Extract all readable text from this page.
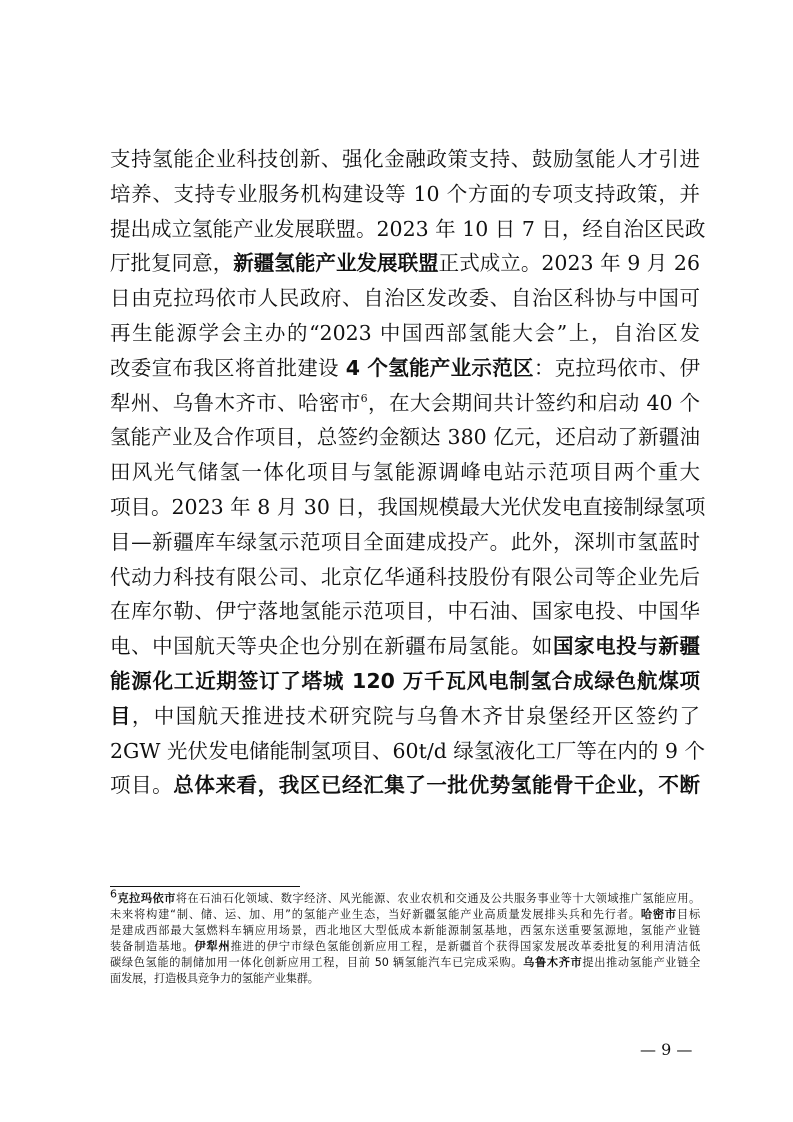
支持氢能企业科技创新、强化金融政策支持、鼓励氢能人才引进
培养、支持专业服务机构建设等 10 个方面的专项支持政策，并
提出成立氢能产业发展联盟。2023 年 10 日 7 日，经自治区民政
厅批复同意，新疆氢能产业发展联盟正式成立。2023 年 9 月 26
日由克拉玛依市人民政府、自治区发改委、自治区科协与中国可
再生能源学会主办的“2023 中国西部氢能大会”上，自治区发
改委宣布我区将首批建设 4 个氢能产业示范区：克拉玛依市、伊
犁州、乌鲁木齐市、哈密市$^6$，在大会期间共计签约和启动 40 个
氢能产业及合作项目，总签约金额达 380 亿元，还启动了新疆油
田风光气储氢一体化项目与氢能源调峰电站示范项目两个重大
项目。2023 年 8 月 30 日，我国规模最大光伏发电直接制绿氢项
目—新疆库车绿氢示范项目全面建成投产。此外，深圳市氢蓝时
代动力科技有限公司、北京亿华通科技股份有限公司等企业先后
在库尔勒、伊宁落地氢能示范项目，中石油、国家电投、中国华
电、中国航天等央企也分别在新疆布局氢能。如国家电投与新疆
能源化工近期签订了塔城 120 万千瓦风电制氢合成绿色航煤项
目，中国航天推进技术研究院与乌鲁木齐甘泉堡经开区签约了
2GW 光伏发电储能制氢项目、60t/d 绿氢液化工厂等在内的 9 个
项目。总体来看，我区已经汇集了一批优势氢能骨干企业，不断
$^6$克拉玛依市将在石油石化领域、数字经济、风光能源、农业农机和交通及公共服务事业等十大领域推广氢能应用。
未来将构建“制、储、运、加、用”的氢能产业生态，当好新疆氢能产业高质量发展排头兵和先行者。哈密市目标
是建成西部最大氢燃料车辆应用场景，西北地区大型低成本新能源制氢基地，西氢东送重要氢源地，氢能产业链
装备制造基地。伊犁州推进的伊宁市绿色氢能创新应用工程，是新疆首个获得国家发展改革委批复的利用清洁低
碳绿色氢能的制储加用一体化创新应用工程，目前 50 辆氢能汽车已完成采购。乌鲁木齐市提出推动氢能产业链全
面发展，打造极具竞争力的氢能产业集群。
— 9 —
